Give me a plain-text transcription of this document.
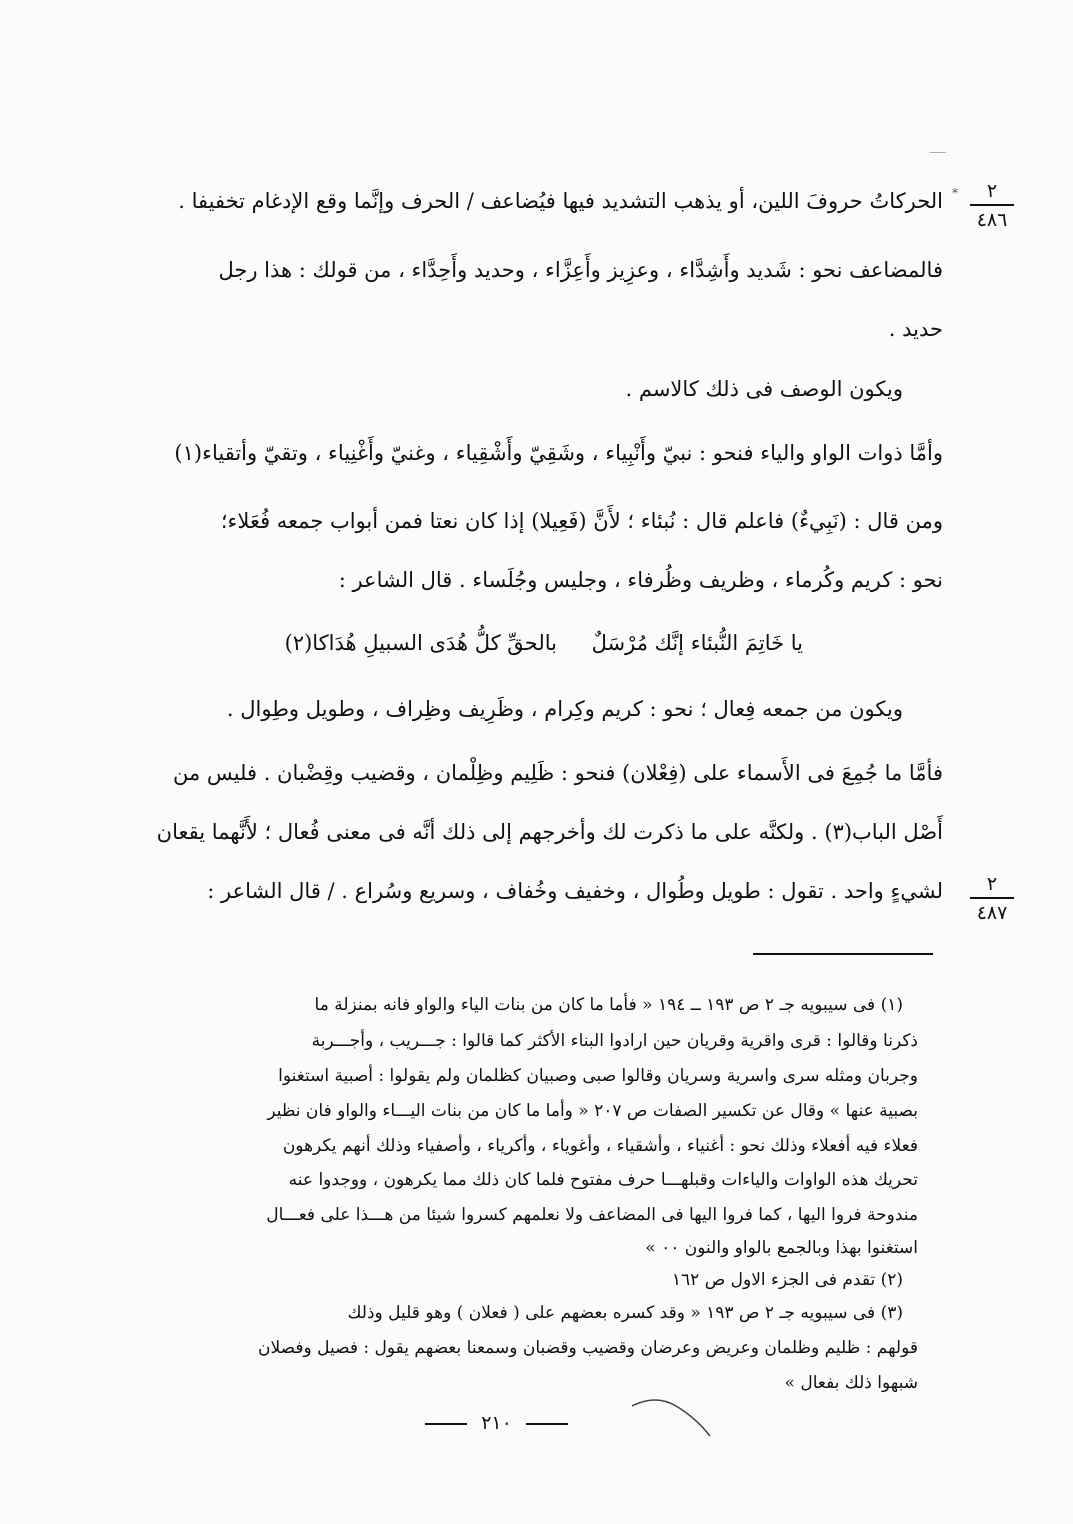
٢
٤٨٦
*
٢
٤٨٧
الحركاتُ حروفَ اللين، أو يذهب التشديد فيها فيُضاعف / الحرف وإنَّما وقع الإدغام تخفيفا .
فالمضاعف نحو : شَديد وأَشِدَّاء ، وعزِيز وأَعِزَّاء ، وحديد وأَحِدَّاء ، من قولك : هذا رجل
حديد .
ويكون الوصف فى ذلك كالاسم .
وأمَّا ذوات الواو والياء فنحو : نبيّ وأَنْبِياء ، وشَقِيّ وأَشْقِياء ، وغنيّ وأَغْنِياء ، وتقيّ وأتقياء(١)
ومن قال : (نَبِيءٌ) فاعلم قال : نُبئاء ؛ لأَنَّ (فَعِيلا) إذا كان نعتا فمن أبواب جمعه فُعَلاء؛
نحو : كريم وكُرماء ، وظريف وظُرفاء ، وجليس وجُلَساء . قال الشاعر :
يا خَاتِمَ النُّبئاء إنَّك مُرْسَلٌ
بالحقِّ كلُّ هُدَى السبيلِ هُدَاكا(٢)
ويكون من جمعه فِعال ؛ نحو : كريم وكِرام ، وظَرِيف وظِراف ، وطويل وطِوال .
فأمَّا ما جُمِعَ فى الأَسماء على (فِعْلان) فنحو : ظَلِيم وظِلْمان ، وقضيب وقِضْبان . فليس من
أَصْل الباب(٣) . ولكنَّه على ما ذكرت لك وأخرجهم إلى ذلك أنَّه فى معنى فُعال ؛ لأَنَّهما يقعان
لشيءٍ واحد . تقول : طويل وطُوال ، وخفيف وخُفاف ، وسريع وسُراع . / قال الشاعر :
(١) فى سيبويه جـ ٢ ص ١٩٣ ــ ١٩٤ « فأما ما كان من بنات الياء والواو فانه بمنزلة ما
ذكرنا وقالوا : قرى واقرية وقريان حين ارادوا البناء الأكثر كما قالوا : جـــريب ، وأجـــربة
وجربان ومثله سرى واسرية وسريان وقالوا صبى وصبيان كظلمان ولم يقولوا : أصبية استغنوا
بصبية عنها » وقال عن تكسير الصفات ص ٢٠٧ « وأما ما كان من بنات اليـــاء والواو فان نظير
فعلاء فيه أفعلاء وذلك نحو : أغنياء ، وأشقياء ، وأغوياء ، وأكرياء ، وأصفياء وذلك أنهم يكرهون
تحريك هذه الواوات والياءات وقبلهـــا حرف مفتوح فلما كان ذلك مما يكرهون ، ووجدوا عنه
مندوحة فروا اليها ، كما فروا اليها فى المضاعف ولا نعلمهم كسروا شيئا من هـــذا على فعـــال
استغنوا بهذا وبالجمع بالواو والنون ٠٠ »
(٢) تقدم فى الجزء الاول ص ١٦٢
(٣) فى سيبويه جـ ٢ ص ١٩٣ « وقد كسره بعضهم على ( فعلان ) وهو قليل وذلك
قولهم : ظليم وظلمان وعريض وعرضان وقضيب وقضبان وسمعنا بعضهم يقول : فصيل وفصلان
شبهوا ذلك بفعال »
٢١٠
